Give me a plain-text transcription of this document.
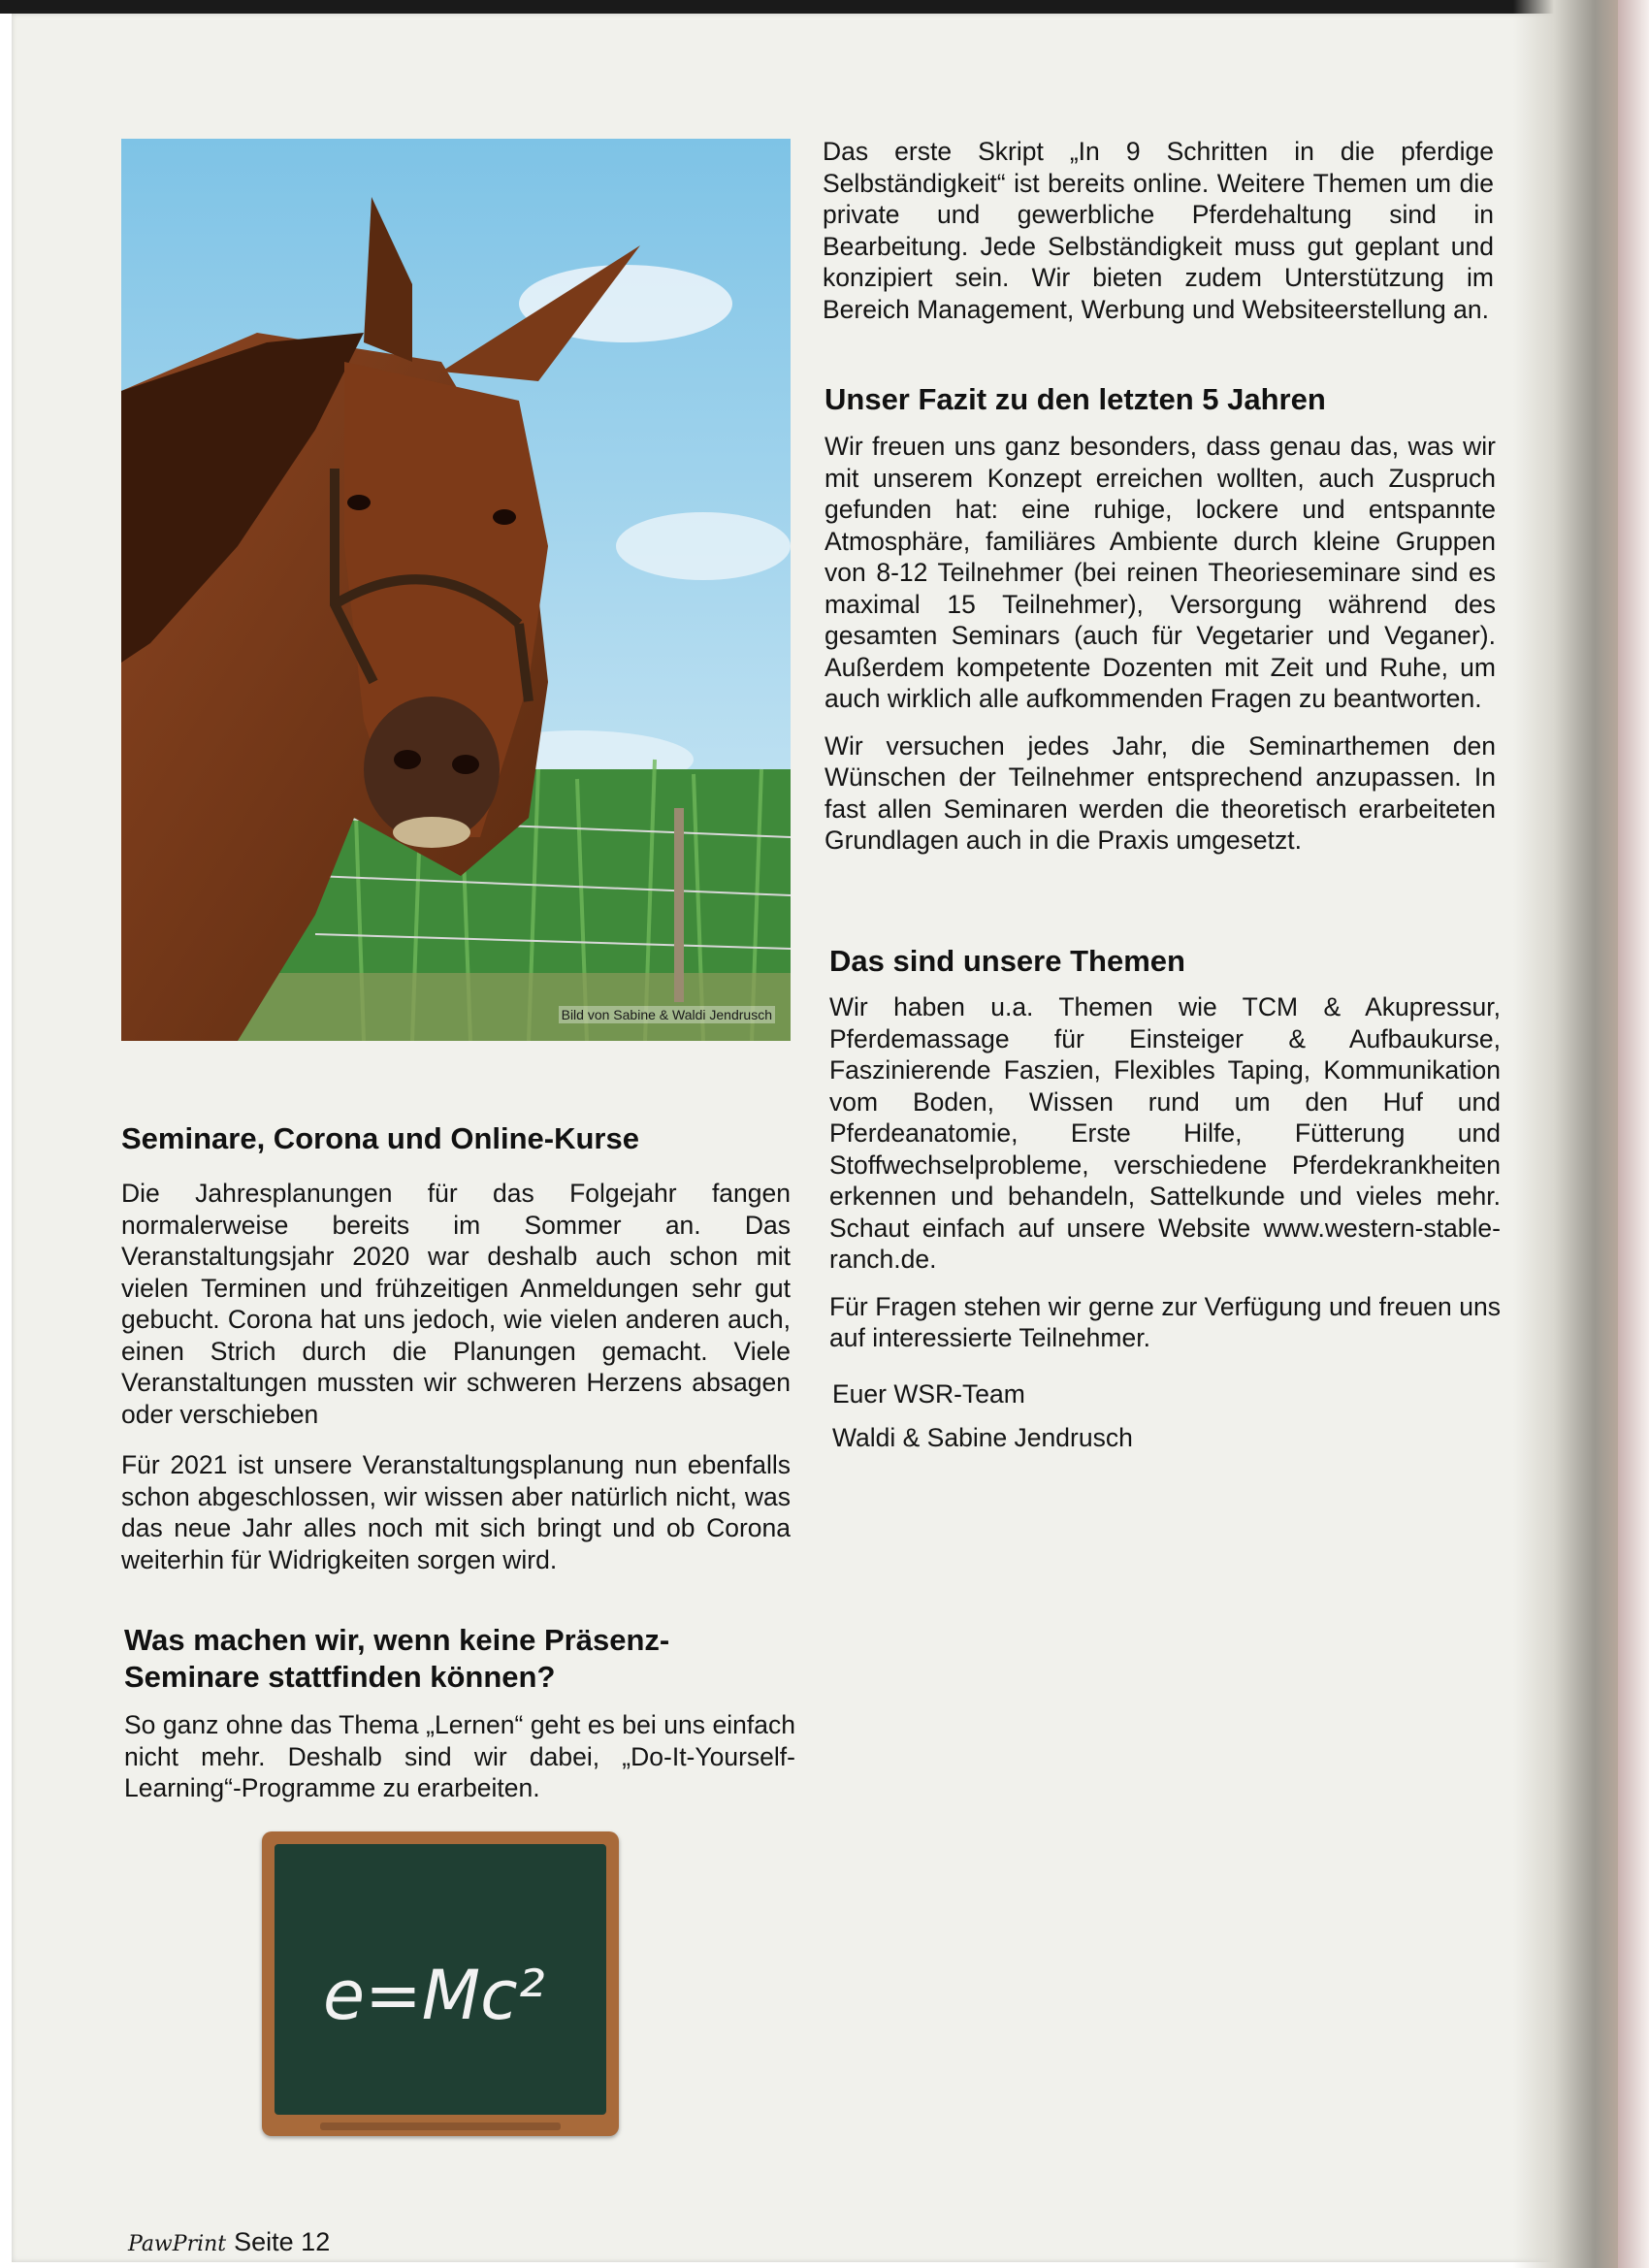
Bild von Sabine & Waldi Jendrusch
Seminare, Corona und Online-Kurse

Die Jahresplanungen für das Folgejahr fangen normalerweise bereits im Sommer an. Das Veranstaltungsjahr 2020 war deshalb auch schon mit vielen Terminen und frühzeitigen Anmeldungen sehr gut gebucht. Corona hat uns jedoch, wie vielen anderen auch, einen Strich durch die Planungen gemacht. Viele Veranstaltungen mussten wir schweren Herzens absagen oder verschieben

Für 2021 ist unsere Veranstaltungsplanung nun ebenfalls schon abgeschlossen, wir wissen aber natürlich nicht, was das neue Jahr alles noch mit sich bringt und ob Corona weiterhin für Widrigkeiten sorgen wird.

Was machen wir, wenn keine Präsenz-Seminare stattfinden können?

So ganz ohne das Thema „Lernen“ geht es bei uns einfach nicht mehr. Deshalb sind wir dabei, „Do-It-Yourself-Learning“-Programme zu erarbeiten.

e=Mc²

Das erste Skript „In 9 Schritten in die pferdige Selbständigkeit“ ist bereits online. Weitere Themen um die private und gewerbliche Pferdehaltung sind in Bearbeitung. Jede Selbständigkeit muss gut geplant und konzipiert sein. Wir bieten zudem Unterstützung im Bereich Management, Werbung und Websiteerstellung an.

Unser Fazit zu den letzten 5 Jahren

Wir freuen uns ganz besonders, dass genau das, was wir mit unserem Konzept erreichen wollten, auch Zuspruch gefunden hat: eine ruhige, lockere und entspannte Atmosphäre, familiäres Ambiente durch kleine Gruppen von 8-12 Teilnehmer (bei reinen Theorieseminare sind es maximal 15 Teilnehmer), Versorgung während des gesamten Seminars (auch für Vegetarier und Veganer). Außerdem kompetente Dozenten mit Zeit und Ruhe, um auch wirklich alle aufkommenden Fragen zu beantworten.

Wir versuchen jedes Jahr, die Seminarthemen den Wünschen der Teilnehmer entsprechend anzupassen. In fast allen Seminaren werden die theoretisch erarbeiteten Grundlagen auch in die Praxis umgesetzt.

Das sind unsere Themen

Wir haben u.a. Themen wie TCM & Akupressur, Pferdemassage für Einsteiger & Aufbaukurse, Faszinierende Faszien, Flexibles Taping, Kommunikation vom Boden, Wissen rund um den Huf und Pferdeanatomie, Erste Hilfe, Fütterung und Stoffwechselprobleme, verschiedene Pferdekrankheiten erkennen und behandeln, Sattelkunde und vieles mehr. Schaut einfach auf unsere Website www.western-stable-ranch.de.

Für Fragen stehen wir gerne zur Verfügung und freuen uns auf interessierte Teilnehmer.

Euer WSR-Team
Waldi & Sabine Jendrusch
PawPrint Seite 12
